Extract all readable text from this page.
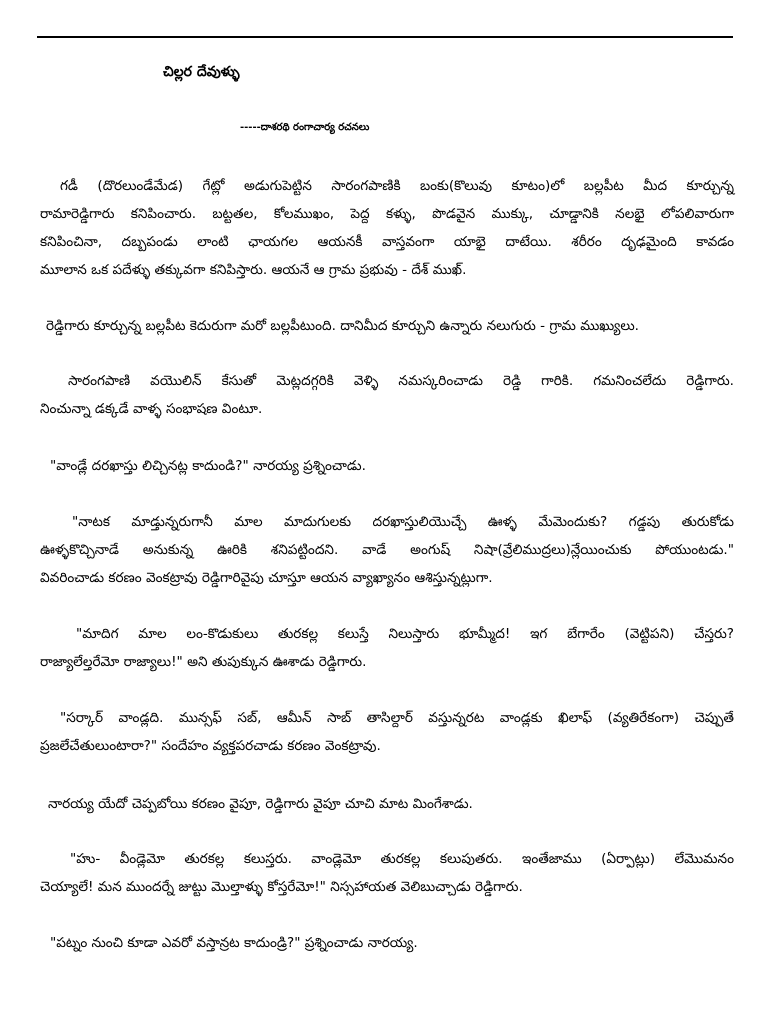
చిల్లర దేవుళ్ళు
-----దాశరథి రంగాచార్య రచనలు
గడీ (దొరలుండేమేడ) గేట్లో అడుగుపెట్టిన సారంగపాణికి బంకు(కొలువు కూటం)లో బల్లపీట మీద కూర్చున్న
రామారెడ్డిగారు కనిపించారు. బట్టతల, కోలముఖం, పెద్ద కళ్ళు, పొడవైన ముక్కు, చూడ్డానికి నలభై లోపలివారుగా
కనిపించినా, దబ్బపండు లాంటి ఛాయగల ఆయనకీ వాస్తవంగా యాభై దాటేయి. శరీరం దృఢమైంది కావడం
మూలాన ఒక పదేళ్ళు తక్కువగా కనిపిస్తారు. ఆయనే ఆ గ్రామ ప్రభువు - దేశ్ ముఖ్.
రెడ్డిగారు కూర్చున్న బల్లపీట కెదురుగా మరో బల్లపీటుంది. దానిమీద కూర్చుని ఉన్నారు నలుగురు - గ్రామ ముఖ్యులు.
సారంగపాణి వయొలిన్ కేసుతో మెట్లదగ్గరికి వెళ్ళి నమస్కరించాడు రెడ్డి గారికి. గమనించలేదు రెడ్డిగారు.
నించున్నా డక్కడే వాళ్ళ సంభాషణ వింటూ.
"వాండ్లే దరఖాస్తు లిచ్చినట్ల కాదుండి?" నారయ్య ప్రశ్నించాడు.
"నాటక మాడ్తున్నరుగానీ మాల మాదుగులకు దరఖాస్తులియొచ్చే ఊళ్ళ మేమెందుకు? గడ్డపు తురుకోడు
ఊళ్ళకొచ్చినాడే అనుకున్న ఊరికి శనిపట్టిందని. వాడే అంగుష్ నిషా(వ్రేలిముద్రలు)న్లేయించుకు పోయుంటడు."
వివరించాడు కరణం వెంకట్రావు రెడ్డిగారివైపు చూస్తూ ఆయన వ్యాఖ్యానం ఆశిస్తున్నట్లుగా.
"మాదిగ మాల లం-కొడుకులు తురకల్ల కలుస్తే నిలుస్తారు భూమ్మీద! ఇగ బేగారేం (వెట్టిపని) చేస్తరు?
రాజ్యాలేల్తరేమో రాజ్యాలు!" అని తుపుక్కున ఊశాడు రెడ్డిగారు.
"సర్కార్ వాండ్లది. మున్సఫ్ సబ్, ఆమీన్ సాబ్ తాసిల్దార్ వస్తున్నరట వాండ్లకు ఖిలాఫ్ (వ్యతిరేకంగా) చెప్పుతే
ప్రజలేచేతులుంటారా?" సందేహం వ్యక్తపరచాడు కరణం వెంకట్రావు.
నారయ్య యేదో చెప్పబోయి కరణం వైపూ, రెడ్డిగారు వైపూ చూచి మాట మింగేశాడు.
"హు- వీండ్లెమో తురకల్ల కలుస్తరు. వాండ్లెమో తురకల్ల కలుపుతరు. ఇంతేజాము (ఏర్పాట్లు) లేమొమనం
చెయ్యాలే! మన ముందర్నే జుట్టు మొల్తాళ్ళు కోస్తరేమో!" నిస్సహాయత వెలిబుచ్చాడు రెడ్డిగారు.
"పట్నం నుంచి కూడా ఎవరో వస్తాన్రట కాదుండ్రి?" ప్రశ్నించాడు నారయ్య.
